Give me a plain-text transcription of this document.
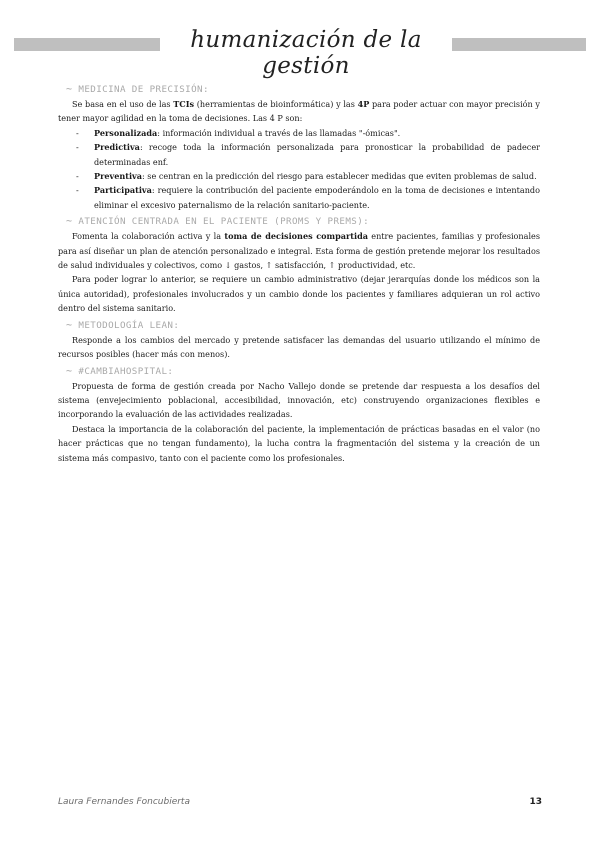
humanización de la gestión
~ MEDICINA DE PRECISIÓN:

Se basa en el uso de las TCIs (herramientas de bioinformática) y las 4P para poder actuar con mayor precisión y tener mayor agilidad en la toma de decisiones. Las 4 P son:

- Personalizada: información individual a través de las llamadas "-ómicas".
- Predictiva: recoge toda la información personalizada para pronosticar la probabilidad de padecer determinadas enf.
- Preventiva: se centran en la predicción del riesgo para establecer medidas que eviten problemas de salud.
- Participativa: requiere la contribución del paciente empoderándolo en la toma de decisiones e intentando eliminar el excesivo paternalismo de la relación sanitario-paciente.
~ ATENCIÓN CENTRADA EN EL PACIENTE (PROMS Y PREMS):

Fomenta la colaboración activa y la toma de decisiones compartida entre pacientes, familias y profesionales para así diseñar un plan de atención personalizado e integral. Esta forma de gestión pretende mejorar los resultados de salud individuales y colectivos, como ↓ gastos, ↑ satisfacción, ↑ productividad, etc.

Para poder lograr lo anterior, se requiere un cambio administrativo (dejar jerarquías donde los médicos son la única autoridad), profesionales involucrados y un cambio donde los pacientes y familiares adquieran un rol activo dentro del sistema sanitario.

~ METODOLOGÍA LEAN:

Responde a los cambios del mercado y pretende satisfacer las demandas del usuario utilizando el mínimo de recursos posibles (hacer más con menos).

~ #CAMBIAHOSPITAL:

Propuesta de forma de gestión creada por Nacho Vallejo donde se pretende dar respuesta a los desafíos del sistema (envejecimiento poblacional, accesibilidad, innovación, etc) construyendo organizaciones flexibles e incorporando la evaluación de las actividades realizadas.

Destaca la importancia de la colaboración del paciente, la implementación de prácticas basadas en el valor (no hacer prácticas que no tengan fundamento), la lucha contra la fragmentación del sistema y la creación de un sistema más compasivo, tanto con el paciente como los profesionales.

Laura Fernandes Foncubierta	13
